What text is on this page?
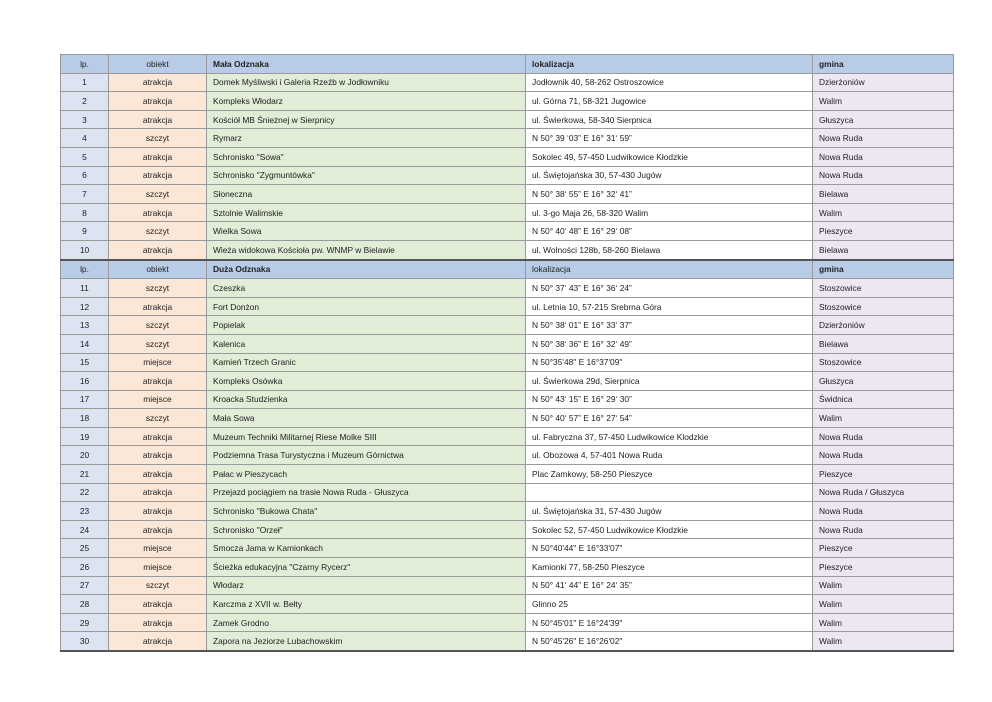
lp.	obiekt	Mała Odznaka	lokalizacja	gmina
1	atrakcja	Domek Myśliwski i Galeria Rzeźb w Jodłowniku	Jodłownik 40, 58-262 Ostroszowice	Dzierżoniów
2	atrakcja	Kompleks Włodarz	ul. Górna 71, 58-321 Jugowice	Walim
3	atrakcja	Kościół MB Śnieżnej w Sierpnicy	ul. Świerkowa, 58-340 Sierpnica	Głuszyca
4	szczyt	Rymarz	N 50° 39 ‘03” E 16° 31‘ 59”	Nowa Ruda
5	atrakcja	Schronisko "Sowa"	Sokolec 49, 57-450 Ludwikowice Kłodzkie	Nowa Ruda
6	atrakcja	Schronisko "Zygmuntówka"	ul. Świętojańska 30, 57-430 Jugów	Nowa Ruda
7	szczyt	Słoneczna	N 50° 38‘ 55” E 16° 32‘ 41”	Bielawa
8	atrakcja	Sztolnie Walimskie	ul. 3-go Maja 26, 58-320 Walim	Walim
9	szczyt	Wielka Sowa	N 50° 40‘ 48” E 16° 29‘ 08”	Pieszyce
10	atrakcja	Wieża widokowa Kościoła pw. WNMP w Bielawie	ul. Wolności 128b, 58-260 Bielawa	Bielawa
lp.	obiekt	Duża Odznaka	lokalizacja	gmina
11	szczyt	Czeszka	N 50° 37‘ 43” E 16° 36‘ 24”	Stoszowice
12	atrakcja	Fort Donżon	ul. Letnia 10, 57-215 Srebrna Góra	Stoszowice
13	szczyt	Popielak	N 50° 38‘ 01” E 16° 33‘ 37”	Dzierżoniów
14	szczyt	Kalenica	N 50° 38‘ 36” E 16° 32‘ 49”	Bielawa
15	miejsce	Kamień Trzech Granic	N 50°35'48" E 16°37'09"	Stoszowice
16	atrakcja	Kompleks Osówka	ul. Świerkowa 29d, Sierpnica	Głuszyca
17	miejsce	Kroacka Studzienka	N 50° 43‘ 15” E 16° 29‘ 30”	Świdnica
18	szczyt	Mała Sowa	N 50° 40‘ 57” E 16° 27‘ 54”	Walim
19	atrakcja	Muzeum Techniki Militarnej Riese Molke SIII	ul. Fabryczna 37, 57-450 Ludwikowice Klodzkie	Nowa Ruda
20	atrakcja	Podziemna Trasa Turystyczna i Muzeum Górnictwa	ul. Obozowa 4, 57-401 Nowa Ruda	Nowa Ruda
21	atrakcja	Pałac w Pieszycach	Plac Zamkowy, 58-250 Pieszyce	Pieszyce
22	atrakcja	Przejazd pociągiem na trasie Nowa Ruda - Głuszyca		Nowa Ruda / Głuszyca
23	atrakcja	Schronisko "Bukowa Chata"	ul. Świętojańska 31, 57-430 Jugów	Nowa Ruda
24	atrakcja	Schronisko "Orzeł"	Sokolec 52, 57-450 Ludwikowice Kłodzkie	Nowa Ruda
25	miejsce	Smocza Jama w Kamionkach	N 50°40'44" E 16°33'07"	Pieszyce
26	miejsce	Ścieżka edukacyjna "Czarny Rycerz"	Kamionki 77, 58-250 Pieszyce	Pieszyce
27	szczyt	Włodarz	N 50° 41‘ 44” E 16° 24‘ 35”	Walim
28	atrakcja	Karczma z XVII w. Bełty	Glinno 25	Walim
29	atrakcja	Zamek Grodno	N 50°45'01" E 16°24'39"	Walim
30	atrakcja	Zapora na Jeziorze Lubachowskim	N 50°45'26" E 16°26'02"	Walim
